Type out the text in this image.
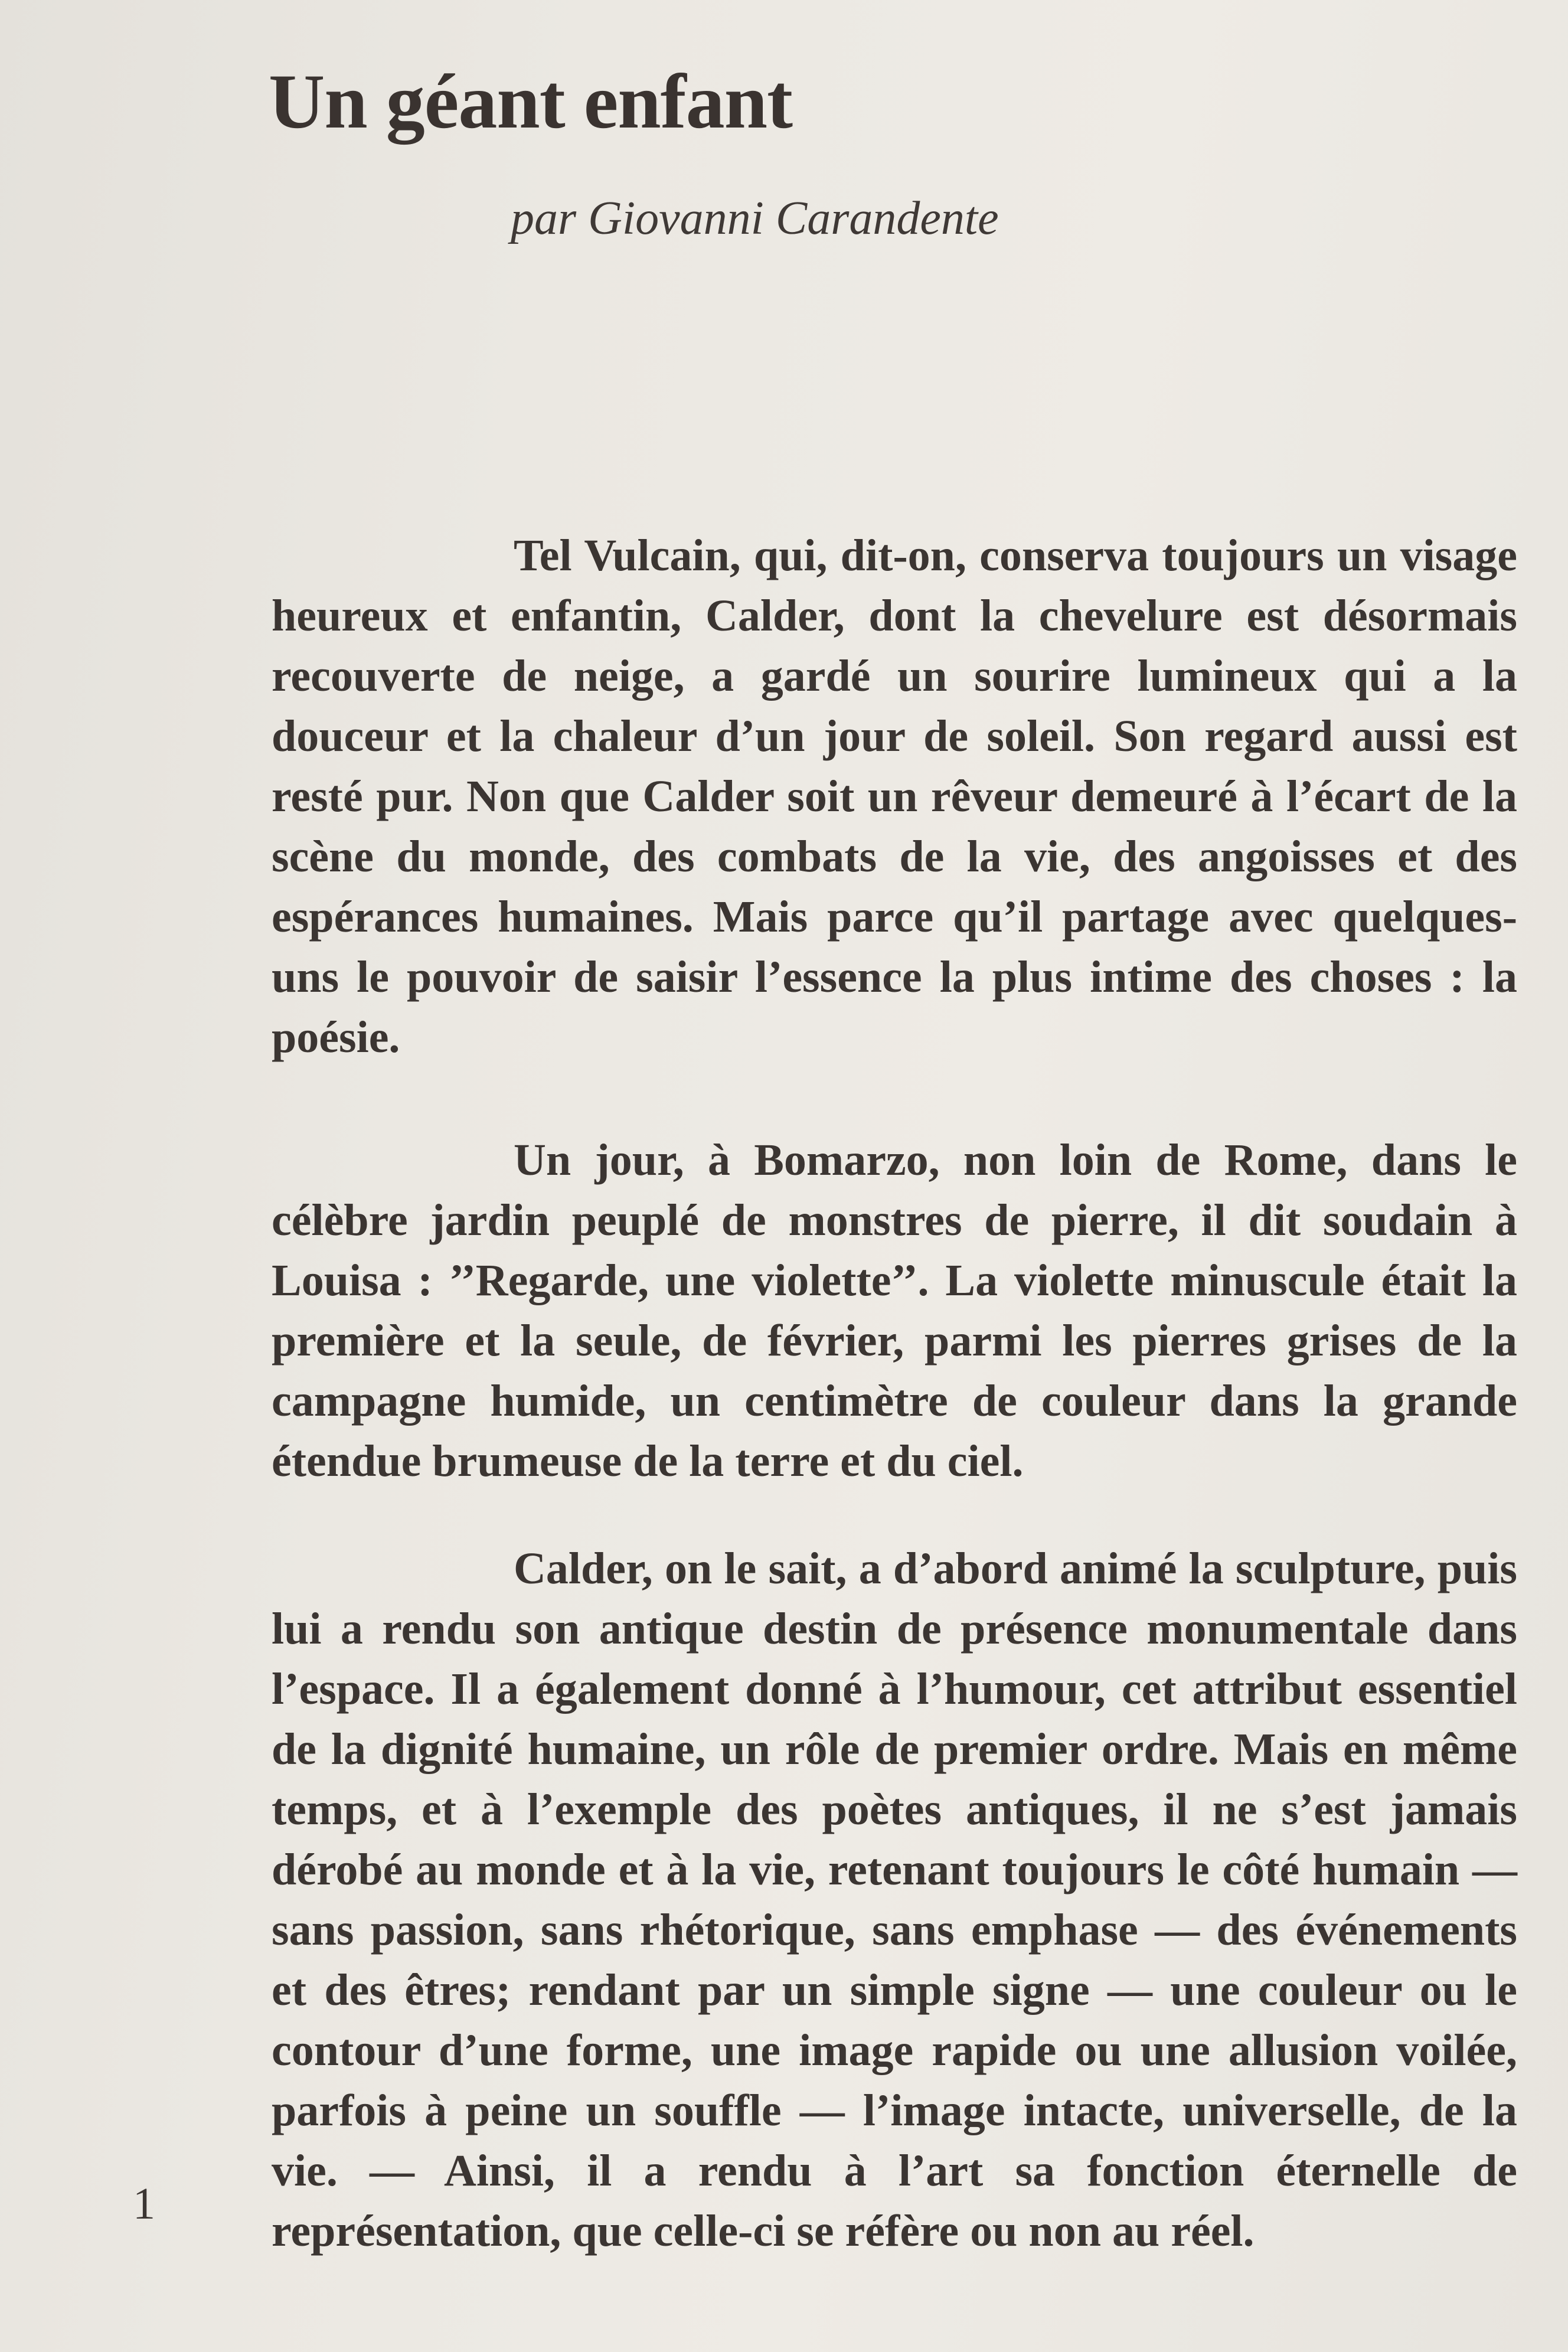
Un géant enfant

par Giovanni Carandente

Tel Vulcain, qui, dit-on, conserva toujours un visage heureux et enfantin, Calder, dont la chevelure est désormais recouverte de neige, a gardé un sourire lumineux qui a la douceur et la chaleur d’un jour de soleil. Son regard aussi est resté pur. Non que Calder soit un rêveur demeuré à l’écart de la scène du monde, des combats de la vie, des angoisses et des espérances humaines. Mais parce qu’il partage avec quelques-uns le pouvoir de saisir l’essence la plus intime des choses : la poésie.

Un jour, à Bomarzo, non loin de Rome, dans le célèbre jardin peuplé de monstres de pierre, il dit soudain à Louisa : ’’Regarde, une violette’’. La violette minuscule était la première et la seule, de février, parmi les pierres grises de la campagne humide, un centimètre de couleur dans la grande étendue brumeuse de la terre et du ciel.

Calder, on le sait, a d’abord animé la sculpture, puis lui a rendu son antique destin de présence monumentale dans l’espace. Il a également donné à l’humour, cet attribut essentiel de la dignité humaine, un rôle de premier ordre. Mais en même temps, et à l’exemple des poètes antiques, il ne s’est jamais dérobé au monde et à la vie, retenant toujours le côté humain — sans passion, sans rhétorique, sans emphase — des événements et des êtres; rendant par un simple signe — une couleur ou le contour d’une forme, une image rapide ou une allusion voilée, parfois à peine un souffle — l’image intacte, universelle, de la vie. — Ainsi, il a rendu à l’art sa fonction éternelle de représentation, que celle-ci se réfère ou non au réel.

1
